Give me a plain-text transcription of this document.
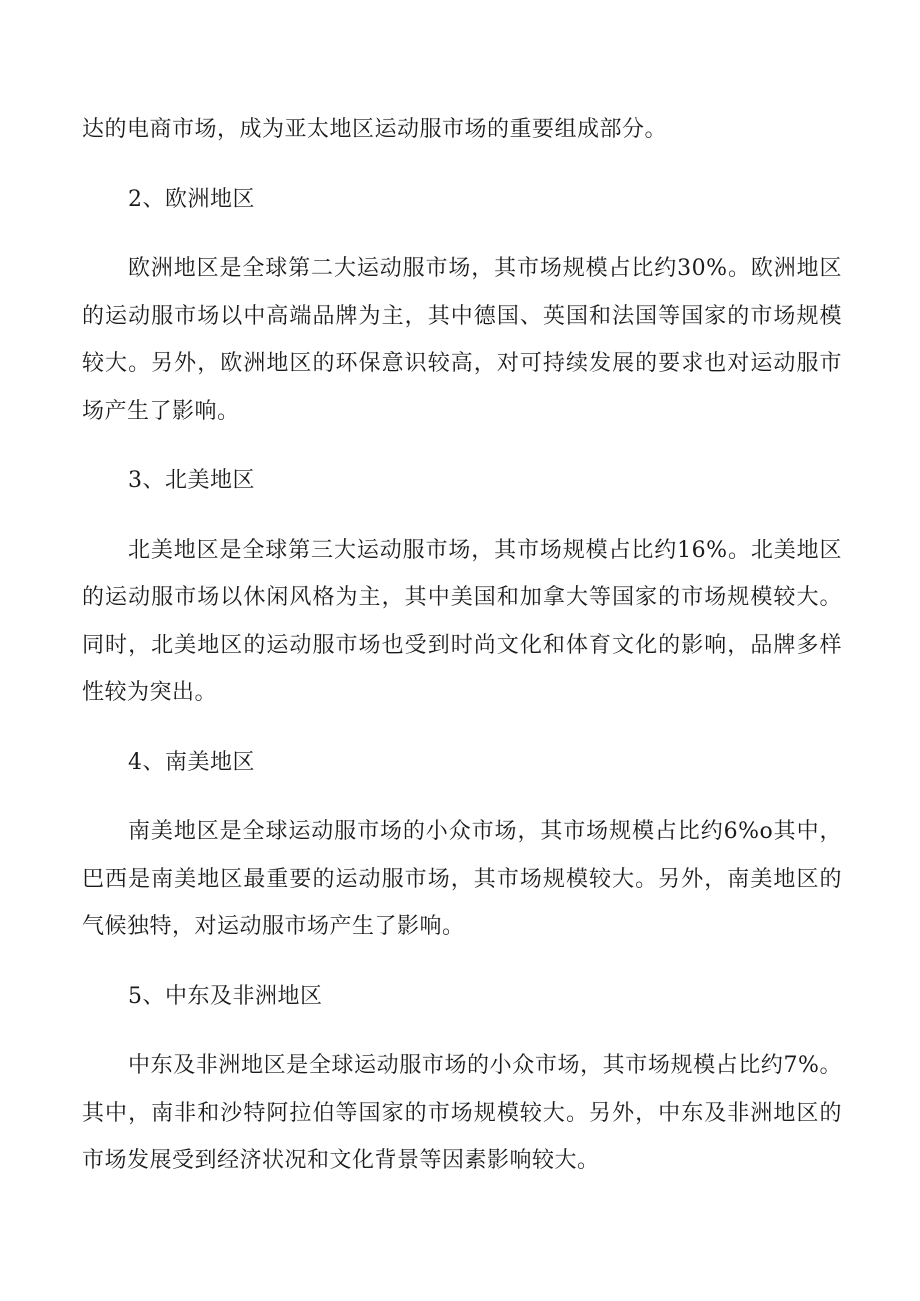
达的电商市场，成为亚太地区运动服市场的重要组成部分。

2、欧洲地区

欧洲地区是全球第二大运动服市场，其市场规模占比约30%。欧洲地区的运动服市场以中高端品牌为主，其中德国、英国和法国等国家的市场规模较大。另外，欧洲地区的环保意识较高，对可持续发展的要求也对运动服市场产生了影响。

3、北美地区

北美地区是全球第三大运动服市场，其市场规模占比约16%。北美地区的运动服市场以休闲风格为主，其中美国和加拿大等国家的市场规模较大。同时，北美地区的运动服市场也受到时尚文化和体育文化的影响，品牌多样性较为突出。

4、南美地区

南美地区是全球运动服市场的小众市场，其市场规模占比约6%o其中，巴西是南美地区最重要的运动服市场，其市场规模较大。另外，南美地区的气候独特，对运动服市场产生了影响。

5、中东及非洲地区

中东及非洲地区是全球运动服市场的小众市场，其市场规模占比约7%。其中，南非和沙特阿拉伯等国家的市场规模较大。另外，中东及非洲地区的市场发展受到经济状况和文化背景等因素影响较大。
